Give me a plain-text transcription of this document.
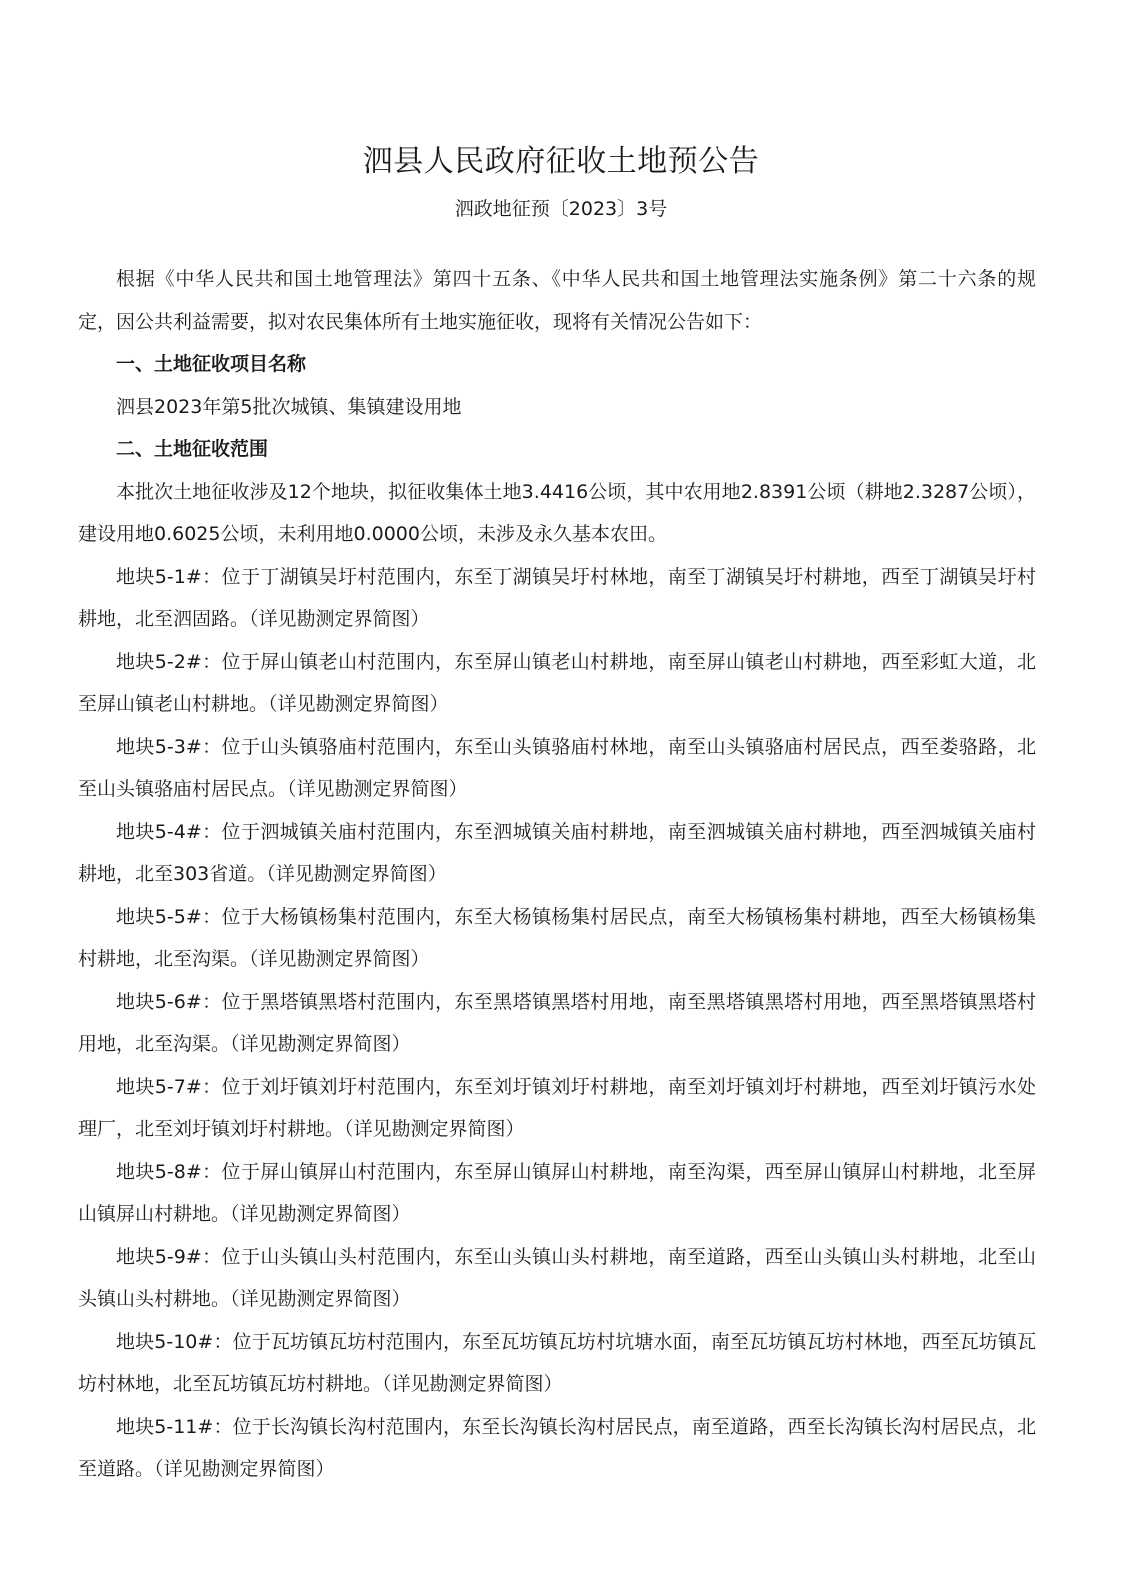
泗县人民政府征收土地预公告
泗政地征预〔2023〕3号

根据《中华人民共和国土地管理法》第四十五条、《中华人民共和国土地管理法实施条例》第二十六条的规定，因公共利益需要，拟对农民集体所有土地实施征收，现将有关情况公告如下：

一、土地征收项目名称

泗县2023年第5批次城镇、集镇建设用地

二、土地征收范围

本批次土地征收涉及12个地块，拟征收集体土地3.4416公顷，其中农用地2.8391公顷（耕地2.3287公顷），建设用地0.6025公顷，未利用地0.0000公顷，未涉及永久基本农田。

地块5-1#：位于丁湖镇吴圩村范围内，东至丁湖镇吴圩村林地，南至丁湖镇吴圩村耕地，西至丁湖镇吴圩村耕地，北至泗固路。（详见勘测定界简图）

地块5-2#：位于屏山镇老山村范围内，东至屏山镇老山村耕地，南至屏山镇老山村耕地，西至彩虹大道，北至屏山镇老山村耕地。（详见勘测定界简图）

地块5-3#：位于山头镇骆庙村范围内，东至山头镇骆庙村林地，南至山头镇骆庙村居民点，西至娄骆路，北至山头镇骆庙村居民点。（详见勘测定界简图）

地块5-4#：位于泗城镇关庙村范围内，东至泗城镇关庙村耕地，南至泗城镇关庙村耕地，西至泗城镇关庙村耕地，北至303省道。（详见勘测定界简图）

地块5-5#：位于大杨镇杨集村范围内，东至大杨镇杨集村居民点，南至大杨镇杨集村耕地，西至大杨镇杨集村耕地，北至沟渠。（详见勘测定界简图）

地块5-6#：位于黑塔镇黑塔村范围内，东至黑塔镇黑塔村用地，南至黑塔镇黑塔村用地，西至黑塔镇黑塔村用地，北至沟渠。（详见勘测定界简图）

地块5-7#：位于刘圩镇刘圩村范围内，东至刘圩镇刘圩村耕地，南至刘圩镇刘圩村耕地，西至刘圩镇污水处理厂，北至刘圩镇刘圩村耕地。（详见勘测定界简图）

地块5-8#：位于屏山镇屏山村范围内，东至屏山镇屏山村耕地，南至沟渠，西至屏山镇屏山村耕地，北至屏山镇屏山村耕地。（详见勘测定界简图）

地块5-9#：位于山头镇山头村范围内，东至山头镇山头村耕地，南至道路，西至山头镇山头村耕地，北至山头镇山头村耕地。（详见勘测定界简图）

地块5-10#：位于瓦坊镇瓦坊村范围内，东至瓦坊镇瓦坊村坑塘水面，南至瓦坊镇瓦坊村林地，西至瓦坊镇瓦坊村林地，北至瓦坊镇瓦坊村耕地。（详见勘测定界简图）

地块5-11#：位于长沟镇长沟村范围内，东至长沟镇长沟村居民点，南至道路，西至长沟镇长沟村居民点，北至道路。（详见勘测定界简图）
